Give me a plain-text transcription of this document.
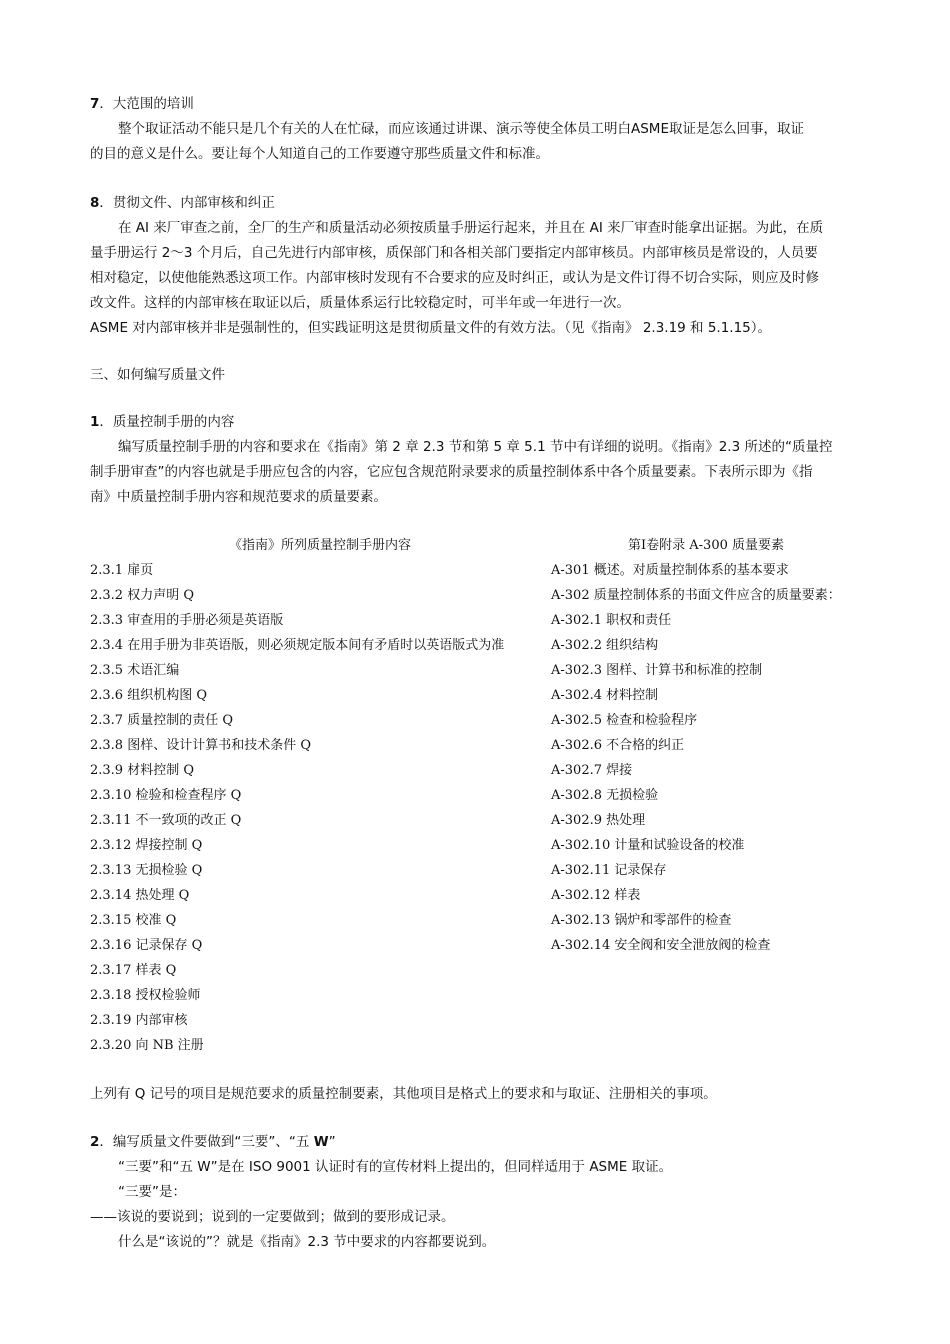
7．大范围的培训
整个取证活动不能只是几个有关的人在忙碌，而应该通过讲课、演示等使全体员工明白ASME取证是怎么回事，取证
的目的意义是什么。要让每个人知道自己的工作要遵守那些质量文件和标准。
8．贯彻文件、内部审核和纠正
在 AI 来厂审查之前，全厂的生产和质量活动必须按质量手册运行起来，并且在 AI 来厂审查时能拿出证据。为此，在质
量手册运行 2～3 个月后，自己先进行内部审核，质保部门和各相关部门要指定内部审核员。内部审核员是常设的，人员要
相对稳定，以使他能熟悉这项工作。内部审核时发现有不合要求的应及时纠正，或认为是文件订得不切合实际，则应及时修
改文件。这样的内部审核在取证以后，质量体系运行比较稳定时，可半年或一年进行一次。
ASME 对内部审核并非是强制性的，但实践证明这是贯彻质量文件的有效方法。（见《指南》 2.3.19 和 5.1.15）。
三、如何编写质量文件
1．质量控制手册的内容
编写质量控制手册的内容和要求在《指南》第 2 章 2.3 节和第 5 章 5.1 节中有详细的说明。《指南》2.3 所述的“质量控
制手册审查”的内容也就是手册应包含的内容，它应包含规范附录要求的质量控制体系中各个质量要素。下表所示即为《指
南》中质量控制手册内容和规范要求的质量要素。
《指南》所列质量控制手册内容
2.3.1 扉页
2.3.2 权力声明 Q
2.3.3 审查用的手册必须是英语版
2.3.4 在用手册为非英语版，则必须规定版本间有矛盾时以英语版式为准
2.3.5 术语汇编
2.3.6 组织机构图 Q
2.3.7 质量控制的责任 Q
2.3.8 图样、设计计算书和技术条件 Q
2.3.9 材料控制 Q
2.3.10 检验和检查程序 Q
2.3.11 不一致项的改正 Q
2.3.12 焊接控制 Q
2.3.13 无损检验 Q
2.3.14 热处理 Q
2.3.15 校准 Q
2.3.16 记录保存 Q
2.3.17 样表 Q
2.3.18 授权检验师
2.3.19 内部审核
2.3.20 向 NB 注册
第Ⅰ卷附录 A-300 质量要素
A-301 概述。对质量控制体系的基本要求
A-302 质量控制体系的书面文件应含的质量要素：
A-302.1 职权和责任
A-302.2 组织结构
A-302.3 图样、计算书和标准的控制
A-302.4 材料控制
A-302.5 检查和检验程序
A-302.6 不合格的纠正
A-302.7 焊接
A-302.8 无损检验
A-302.9 热处理
A-302.10 计量和试验设备的校准
A-302.11 记录保存
A-302.12 样表
A-302.13 锅炉和零部件的检查
A-302.14 安全阀和安全泄放阀的检查
上列有 Q 记号的项目是规范要求的质量控制要素，其他项目是格式上的要求和与取证、注册相关的事项。
2．编写质量文件要做到“三要”、“五 W”
“三要”和“五 W”是在 ISO 9001 认证时有的宣传材料上提出的，但同样适用于 ASME 取证。
“三要”是：
——该说的要说到；说到的一定要做到；做到的要形成记录。
什么是“该说的”？就是《指南》2.3 节中要求的内容都要说到。
